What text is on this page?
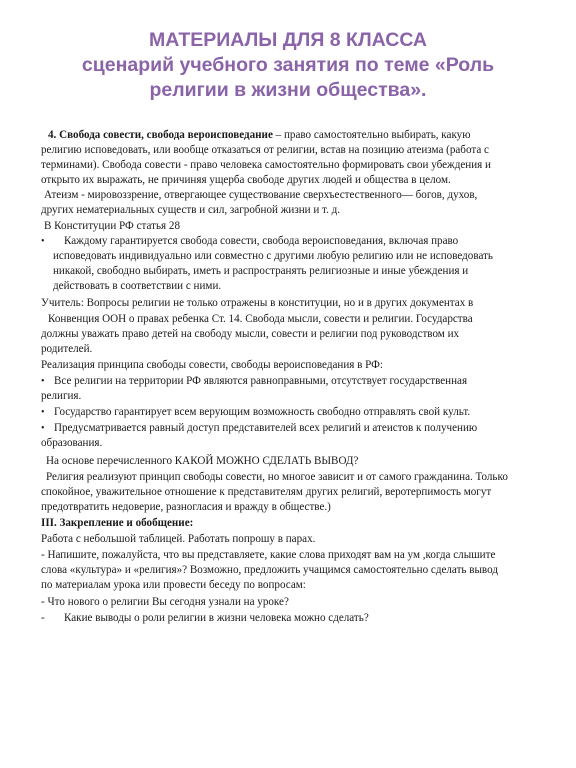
МАТЕРИАЛЫ ДЛЯ 8 КЛАССА
сценарий учебного занятия по теме «Роль
религии в жизни общества».
4. Свобода совести, свобода вероисповедание – право самостоятельно выбирать, какую
религию исповедовать, или вообще отказаться от религии, встав на позицию атеизма (работа с
терминами). Свобода совести - право человека самостоятельно формировать свои убеждения и
открыто их выражать, не причиняя ущерба свободе других людей и общества в целом.
Атеизм - мировоззрение, отвергающее существование сверхъестественного— богов, духов,
других нематериальных существ и сил, загробной жизни и т. д.
В Конституции РФ статья 28
• Каждому гарантируется свобода совести, свобода вероисповедания, включая право
исповедовать индивидуально или совместно с другими любую религию или не исповедовать
никакой, свободно выбирать, иметь и распространять религиозные и иные убеждения и
действовать в соответствии с ними.
Учитель: Вопросы религии не только отражены в конституции, но и в других документах в
Конвенция ООН о правах ребенка Ст. 14. Свобода мысли, совести и религии. Государства
должны уважать право детей на свободу мысли, совести и религии под руководством их
родителей.
Реализация принципа свободы совести, свободы вероисповедания в РФ:
• Все религии на территории РФ являются равноправными, отсутствует государственная
религия.
• Государство гарантирует всем верующим возможность свободно отправлять свой культ.
• Предусматривается равный доступ представителей всех религий и атеистов к получению
образования.
На основе перечисленного КАКОЙ МОЖНО СДЕЛАТЬ ВЫВОД?
Религия реализуют принцип свободы совести, но многое зависит и от самого гражданина. Только
спокойное, уважительное отношение к представителям других религий, веротерпимость могут
предотвратить недоверие, разногласия и вражду в обществе.)
III. Закрепление и обобщение:
Работа с небольшой таблицей. Работать попрошу в парах.
- Напишите, пожалуйста, что вы представляете, какие слова приходят вам на ум ,когда слышите
слова «культура» и «религия»? Возможно, предложить учащимся самостоятельно сделать вывод
по материалам урока или провести беседу по вопросам:
- Что нового о религии Вы сегодня узнали на уроке?
- Какие выводы о роли религии в жизни человека можно сделать?
